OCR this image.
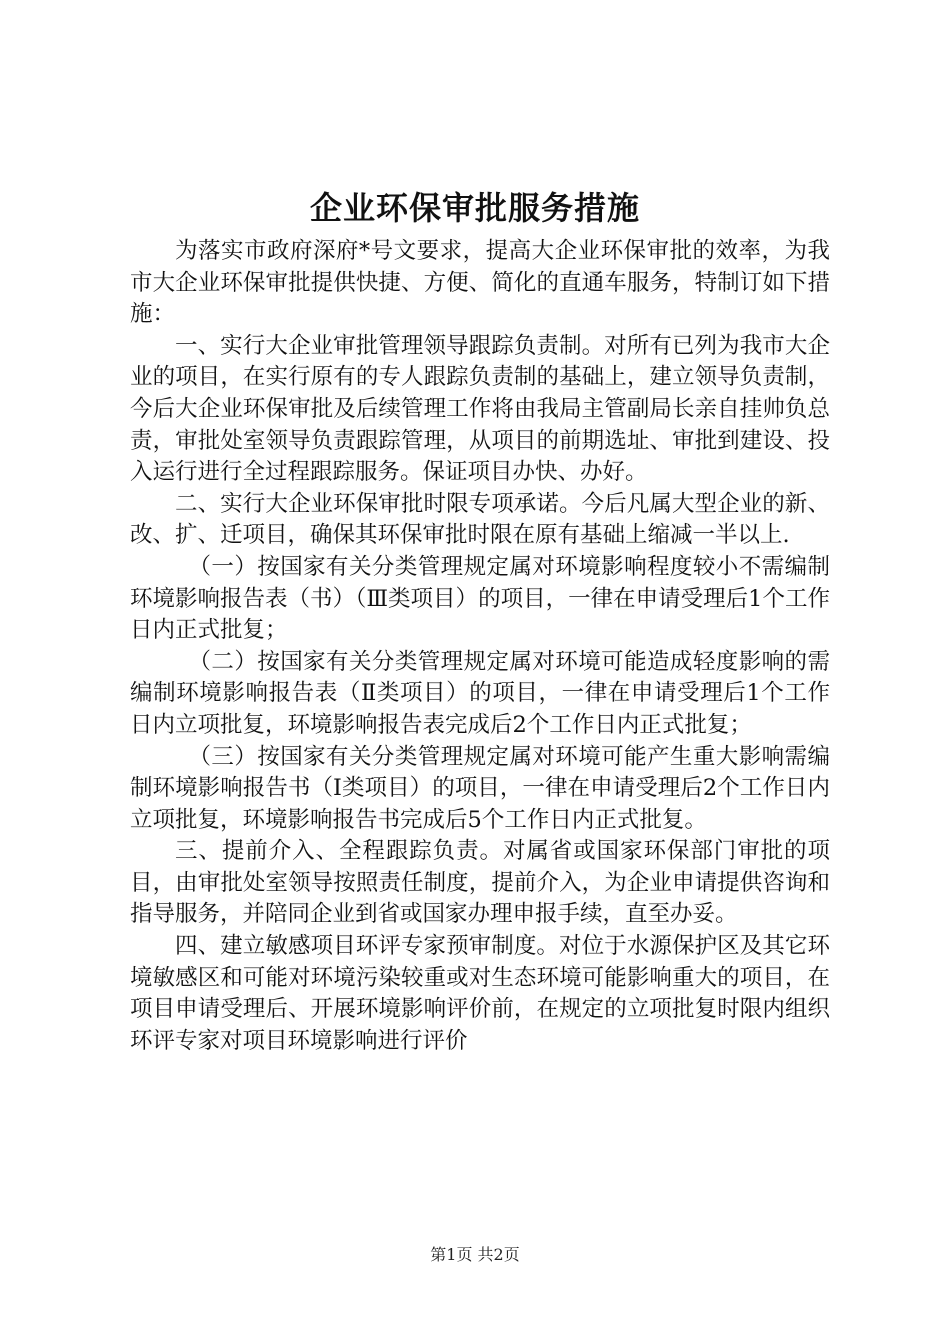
企业环保审批服务措施

为落实市政府深府*号文要求，提高大企业环保审批的效率，为我市大企业环保审批提供快捷、方便、简化的直通车服务，特制订如下措施：

一、实行大企业审批管理领导跟踪负责制。对所有已列为我市大企业的项目，在实行原有的专人跟踪负责制的基础上，建立领导负责制，今后大企业环保审批及后续管理工作将由我局主管副局长亲自挂帅负总责，审批处室领导负责跟踪管理，从项目的前期选址、审批到建设、投入运行进行全过程跟踪服务。保证项目办快、办好。

二、实行大企业环保审批时限专项承诺。今后凡属大型企业的新、改、扩、迁项目，确保其环保审批时限在原有基础上缩减一半以上.

（一）按国家有关分类管理规定属对环境影响程度较小不需编制环境影响报告表（书）（Ⅲ类项目）的项目，一律在申请受理后1个工作日内正式批复；

（二）按国家有关分类管理规定属对环境可能造成轻度影响的需编制环境影响报告表（Ⅱ类项目）的项目，一律在申请受理后1个工作日内立项批复，环境影响报告表完成后2个工作日内正式批复；

（三）按国家有关分类管理规定属对环境可能产生重大影响需编制环境影响报告书（Ⅰ类项目）的项目，一律在申请受理后2个工作日内立项批复，环境影响报告书完成后5个工作日内正式批复。

三、提前介入、全程跟踪负责。对属省或国家环保部门审批的项目，由审批处室领导按照责任制度，提前介入，为企业申请提供咨询和指导服务，并陪同企业到省或国家办理申报手续，直至办妥。

四、建立敏感项目环评专家预审制度。对位于水源保护区及其它环境敏感区和可能对环境污染较重或对生态环境可能影响重大的项目，在项目申请受理后、开展环境影响评价前，在规定的立项批复时限内组织环评专家对项目环境影响进行评价

第1页 共2页
